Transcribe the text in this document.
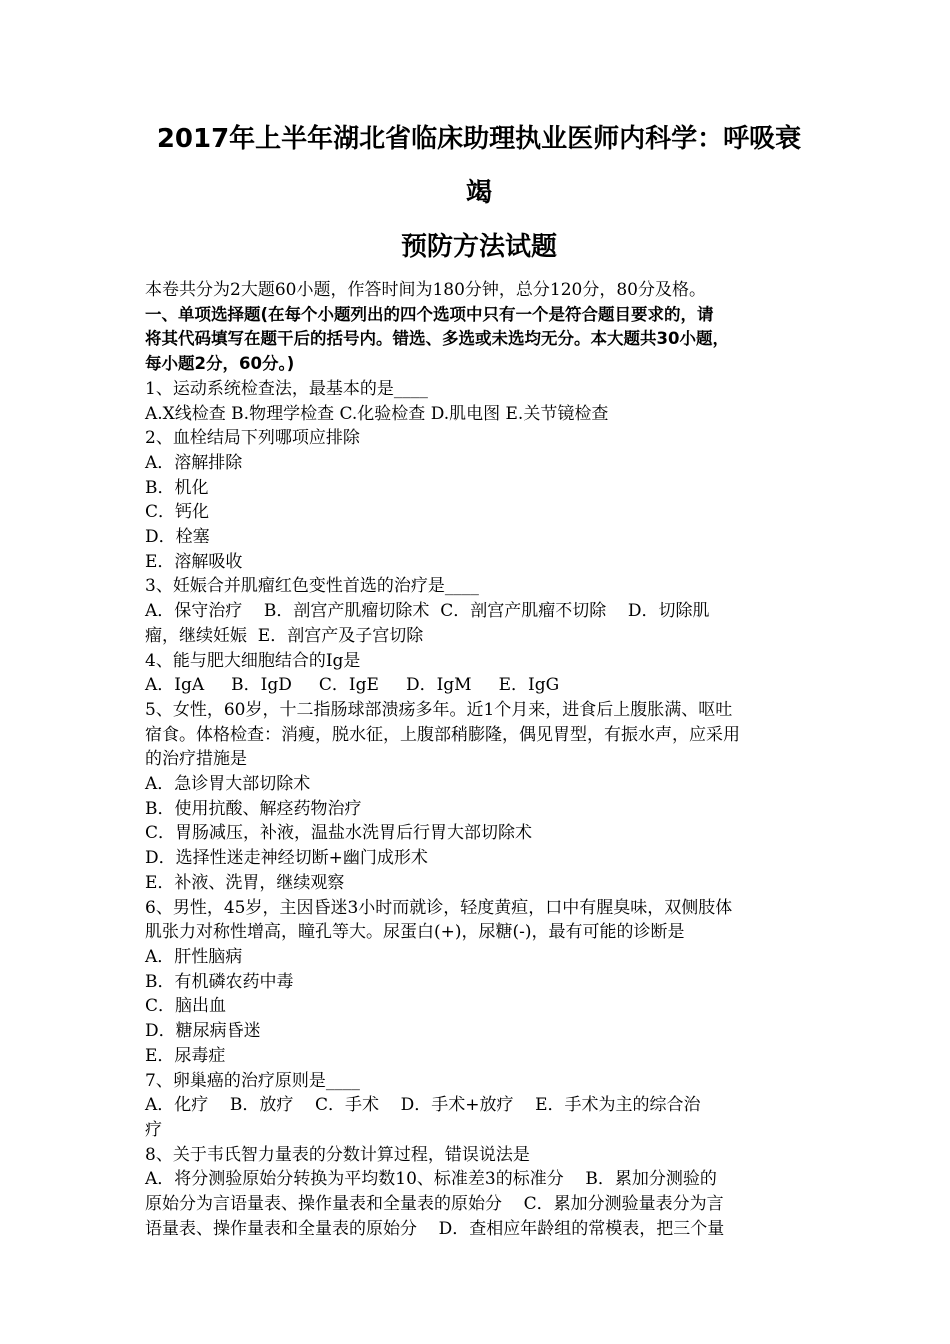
2017年上半年湖北省临床助理执业医师内科学：呼吸衰竭
预防方法试题
本卷共分为2大题60小题，作答时间为180分钟，总分120分，80分及格。
一、单项选择题(在每个小题列出的四个选项中只有一个是符合题目要求的，请
将其代码填写在题干后的括号内。错选、多选或未选均无分。本大题共30小题，
每小题2分，60分。)
1、运动系统检查法，最基本的是____
A.X线检查 B.物理学检查 C.化验检查 D.肌电图 E.关节镜检查
2、血栓结局下列哪项应排除
A．溶解排除
B．机化
C．钙化
D．栓塞
E．溶解吸收
3、妊娠合并肌瘤红色变性首选的治疗是____
A．保守治疗    B．剖宫产肌瘤切除术  C．剖宫产肌瘤不切除    D．切除肌
瘤，继续妊娠  E．剖宫产及子宫切除
4、能与肥大细胞结合的Ig是
A．IgA     B．IgD     C．IgE     D．IgM     E．IgG
5、女性，60岁，十二指肠球部溃疡多年。近1个月来，进食后上腹胀满、呕吐
宿食。体格检查：消瘦，脱水征，上腹部稍膨隆，偶见胃型，有振水声，应采用
的治疗措施是
A．急诊胃大部切除术
B．使用抗酸、解痉药物治疗
C．胃肠减压，补液，温盐水洗胃后行胃大部切除术
D．选择性迷走神经切断+幽门成形术
E．补液、洗胃，继续观察
6、男性，45岁，主因昏迷3小时而就诊，轻度黄疸，口中有腥臭味，双侧肢体
肌张力对称性增高，瞳孔等大。尿蛋白(+)，尿糖(-)，最有可能的诊断是
A．肝性脑病
B．有机磷农药中毒
C．脑出血
D．糖尿病昏迷
E．尿毒症
7、卵巢癌的治疗原则是____
A．化疗    B．放疗    C．手术    D．手术+放疗    E．手术为主的综合治
疗
8、关于韦氏智力量表的分数计算过程，错误说法是
A．将分测验原始分转换为平均数10、标准差3的标准分    B．累加分测验的
原始分为言语量表、操作量表和全量表的原始分    C．累加分测验量表分为言
语量表、操作量表和全量表的原始分    D．查相应年龄组的常模表，把三个量
